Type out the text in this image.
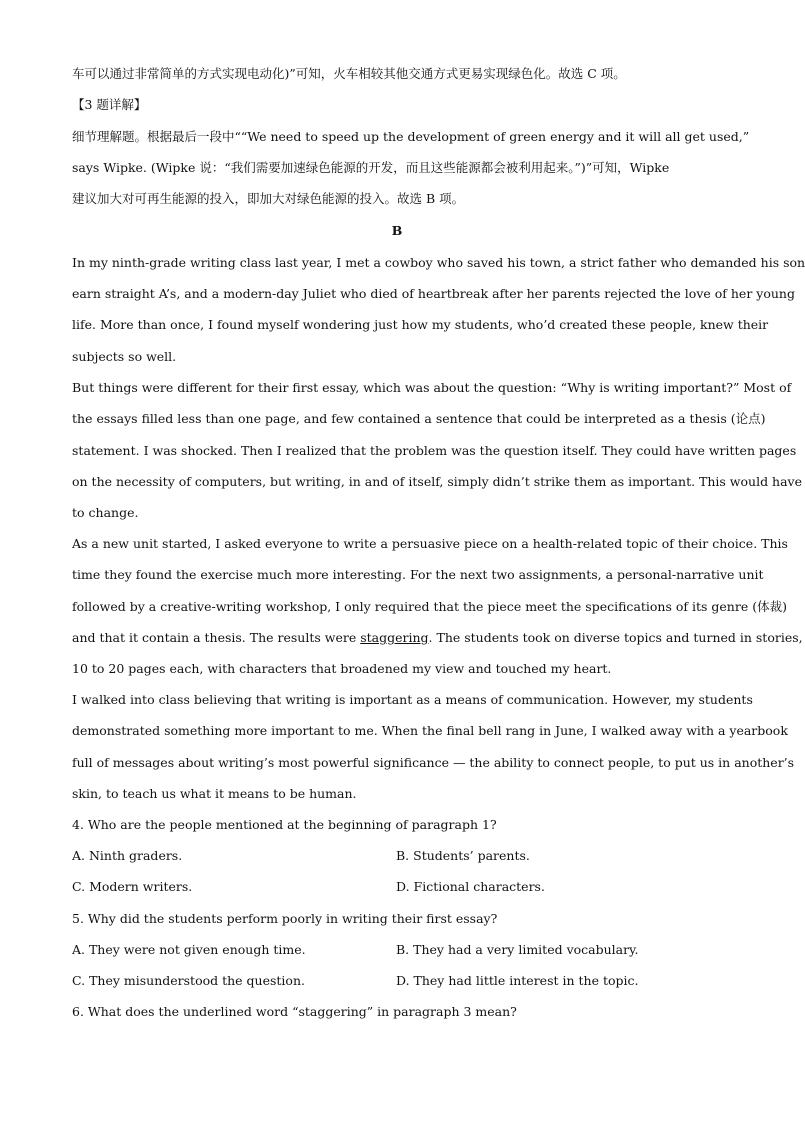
车可以通过非常简单的方式实现电动化)”可知，火车相较其他交通方式更易实现绿色化。故选 C 项。
【3 题详解】
细节理解题。根据最后一段中““We need to speed up the development of green energy and it will all get used,”
says Wipke. (Wipke 说：“我们需要加速绿色能源的开发，而且这些能源都会被利用起来。”)”可知，Wipke
建议加大对可再生能源的投入，即加大对绿色能源的投入。故选 B 项。
B
In my ninth-grade writing class last year, I met a cowboy who saved his town, a strict father who demanded his son
earn straight A’s, and a modern-day Juliet who died of heartbreak after her parents rejected the love of her young
life. More than once, I found myself wondering just how my students, who’d created these people, knew their
subjects so well.
But things were different for their first essay, which was about the question: “Why is writing important?” Most of
the essays filled less than one page, and few contained a sentence that could be interpreted as a thesis (论点)
statement. I was shocked. Then I realized that the problem was the question itself. They could have written pages
on the necessity of computers, but writing, in and of itself, simply didn’t strike them as important. This would have
to change.
As a new unit started, I asked everyone to write a persuasive piece on a health-related topic of their choice. This
time they found the exercise much more interesting. For the next two assignments, a personal-narrative unit
followed by a creative-writing workshop, I only required that the piece meet the specifications of its genre (体裁)
and that it contain a thesis. The results were staggering. The students took on diverse topics and turned in stories,
10 to 20 pages each, with characters that broadened my view and touched my heart.
I walked into class believing that writing is important as a means of communication. However, my students
demonstrated something more important to me. When the final bell rang in June, I walked away with a yearbook
full of messages about writing’s most powerful significance — the ability to connect people, to put us in another’s
skin, to teach us what it means to be human.
4. Who are the people mentioned at the beginning of paragraph 1?
A. Ninth graders.	B. Students’ parents.
C. Modern writers.	D. Fictional characters.
5. Why did the students perform poorly in writing their first essay?
A. They were not given enough time.	B. They had a very limited vocabulary.
C. They misunderstood the question.	D. They had little interest in the topic.
6. What does the underlined word “staggering” in paragraph 3 mean?
